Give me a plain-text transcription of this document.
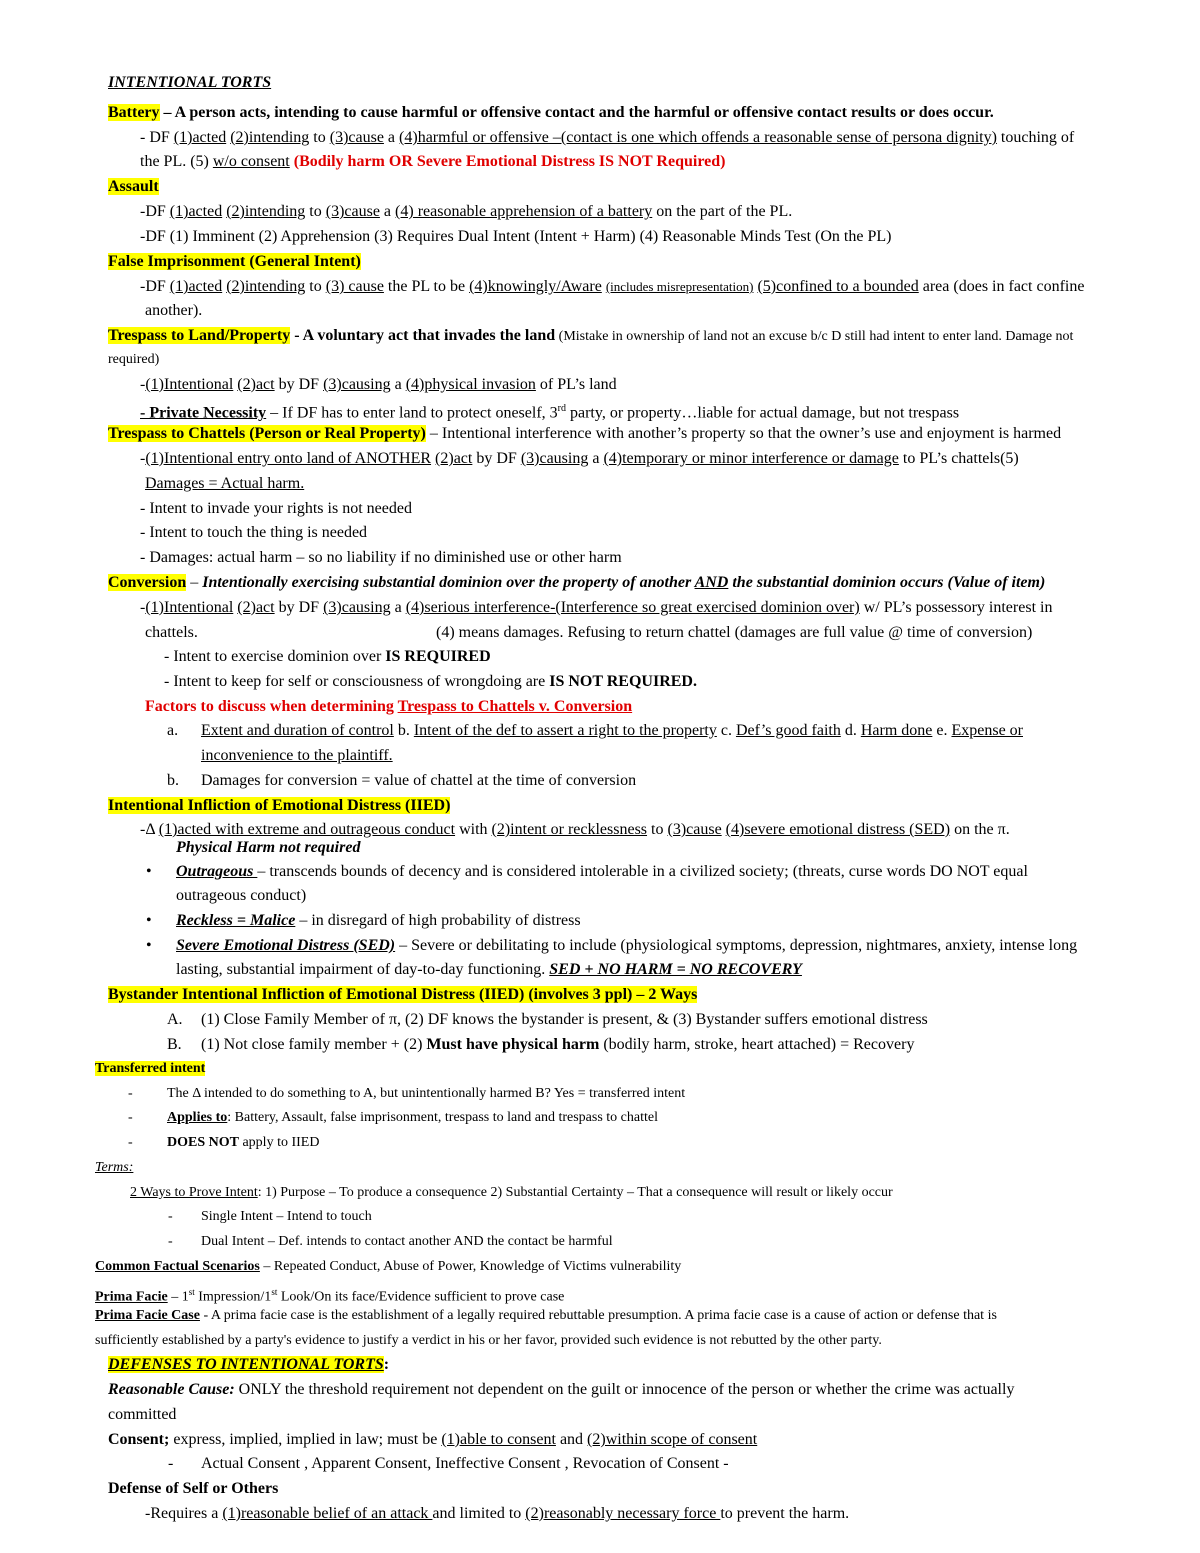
INTENTIONAL TORTS
Battery – A person acts, intending to cause harmful or offensive contact and the harmful or offensive contact results or does occur.
- DF (1)acted (2)intending to (3)cause a (4)harmful or offensive –(contact is one which offends a reasonable sense of persona dignity) touching of
the PL. (5) w/o consent (Bodily harm OR Severe Emotional Distress IS NOT Required)
Assault
-DF (1)acted (2)intending to (3)cause a (4) reasonable apprehension of a battery on the part of the PL.
-DF (1) Imminent (2) Apprehension (3) Requires Dual Intent (Intent + Harm) (4) Reasonable Minds Test (On the PL)
False Imprisonment (General Intent)
-DF (1)acted (2)intending to (3) cause the PL to be (4)knowingly/Aware (includes misrepresentation) (5)confined to a bounded area (does in fact confine
another).
Trespass to Land/Property - A voluntary act that invades the land (Mistake in ownership of land not an excuse b/c D still had intent to enter land. Damage not
required)
-(1)Intentional (2)act by DF (3)causing a (4)physical invasion of PL’s land
- Private Necessity – If DF has to enter land to protect oneself, 3rd party, or property…liable for actual damage, but not trespass
Trespass to Chattels (Person or Real Property) – Intentional interference with another’s property so that the owner’s use and enjoyment is harmed
-(1)Intentional entry onto land of ANOTHER (2)act by DF (3)causing a (4)temporary or minor interference or damage to PL’s chattels(5)
Damages = Actual harm.
- Intent to invade your rights is not needed
- Intent to touch the thing is needed
- Damages: actual harm – so no liability if no diminished use or other harm
Conversion – Intentionally exercising substantial dominion over the property of another AND the substantial dominion occurs (Value of item)
-(1)Intentional (2)act by DF (3)causing a (4)serious interference-(Interference so great exercised dominion over) w/ PL’s possessory interest in
chattels.	(4) means damages. Refusing to return chattel (damages are full value @ time of conversion)
- Intent to exercise dominion over IS REQUIRED
- Intent to keep for self or consciousness of wrongdoing are IS NOT REQUIRED.
Factors to discuss when determining Trespass to Chattels v. Conversion
a. Extent and duration of control b. Intent of the def to assert a right to the property c. Def’s good faith d. Harm done e. Expense or
inconvenience to the plaintiff.
b. Damages for conversion = value of chattel at the time of conversion
Intentional Infliction of Emotional Distress (IIED)
-Δ (1)acted with extreme and outrageous conduct with (2)intent or recklessness to (3)cause (4)severe emotional distress (SED) on the π.
Physical Harm not required
• Outrageous – transcends bounds of decency and is considered intolerable in a civilized society; (threats, curse words DO NOT equal
outrageous conduct)
• Reckless = Malice – in disregard of high probability of distress
• Severe Emotional Distress (SED) – Severe or debilitating to include (physiological symptoms, depression, nightmares, anxiety, intense long
lasting, substantial impairment of day-to-day functioning. SED + NO HARM = NO RECOVERY
Bystander Intentional Infliction of Emotional Distress (IIED) (involves 3 ppl) – 2 Ways
A. (1) Close Family Member of π, (2) DF knows the bystander is present, & (3) Bystander suffers emotional distress
B. (1) Not close family member + (2) Must have physical harm (bodily harm, stroke, heart attached) = Recovery
Transferred intent
- The Δ intended to do something to A, but unintentionally harmed B? Yes = transferred intent
- Applies to: Battery, Assault, false imprisonment, trespass to land and trespass to chattel
- DOES NOT apply to IIED
Terms:
2 Ways to Prove Intent: 1) Purpose – To produce a consequence 2) Substantial Certainty – That a consequence will result or likely occur
- Single Intent – Intend to touch
- Dual Intent – Def. intends to contact another AND the contact be harmful
Common Factual Scenarios – Repeated Conduct, Abuse of Power, Knowledge of Victims vulnerability
Prima Facie – 1st Impression/1st Look/On its face/Evidence sufficient to prove case
Prima Facie Case - A prima facie case is the establishment of a legally required rebuttable presumption. A prima facie case is a cause of action or defense that is
sufficiently established by a party's evidence to justify a verdict in his or her favor, provided such evidence is not rebutted by the other party.
DEFENSES TO INTENTIONAL TORTS:
Reasonable Cause: ONLY the threshold requirement not dependent on the guilt or innocence of the person or whether the crime was actually
committed
Consent; express, implied, implied in law; must be (1)able to consent and (2)within scope of consent
- Actual Consent , Apparent Consent, Ineffective Consent , Revocation of Consent -
Defense of Self or Others
-Requires a (1)reasonable belief of an attack and limited to (2)reasonably necessary force to prevent the harm.
